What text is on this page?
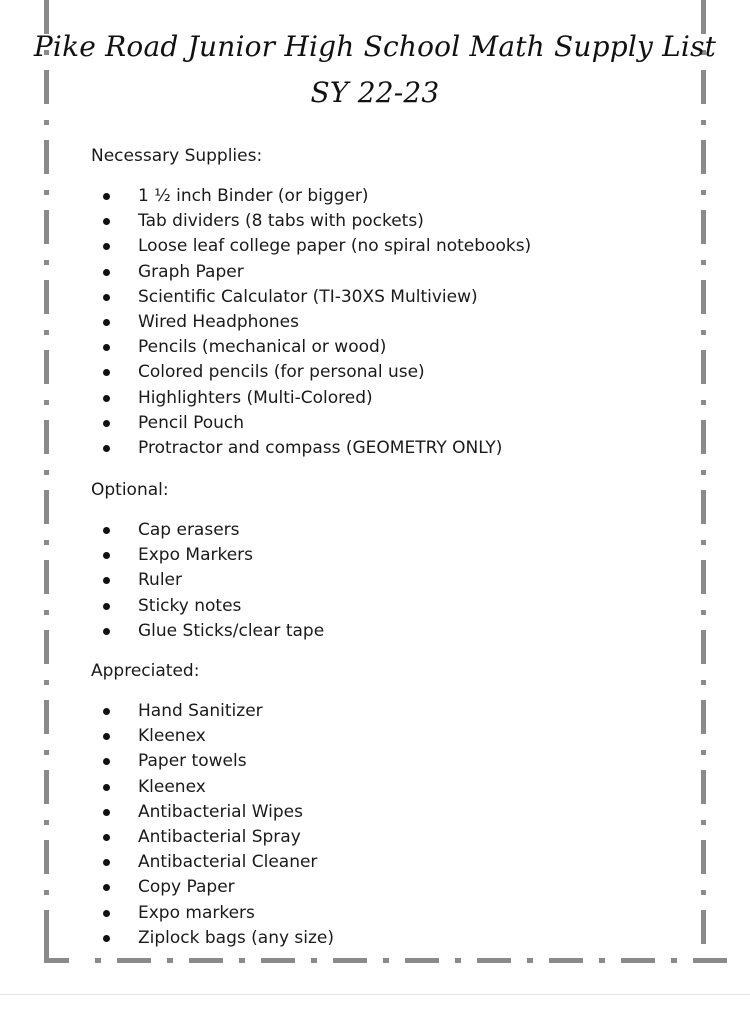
Pike Road Junior High School Math Supply List
SY 22-23
Necessary Supplies:
1 ½ inch Binder (or bigger)
Tab dividers (8 tabs with pockets)
Loose leaf college paper (no spiral notebooks)
Graph Paper
Scientific Calculator (TI-30XS Multiview)
Wired Headphones
Pencils (mechanical or wood)
Colored pencils (for personal use)
Highlighters (Multi-Colored)
Pencil Pouch
Protractor and compass (GEOMETRY ONLY)
Optional:
Cap erasers
Expo Markers
Ruler
Sticky notes
Glue Sticks/clear tape
Appreciated:
Hand Sanitizer
Kleenex
Paper towels
Kleenex
Antibacterial Wipes
Antibacterial Spray
Antibacterial Cleaner
Copy Paper
Expo markers
Ziplock bags (any size)
